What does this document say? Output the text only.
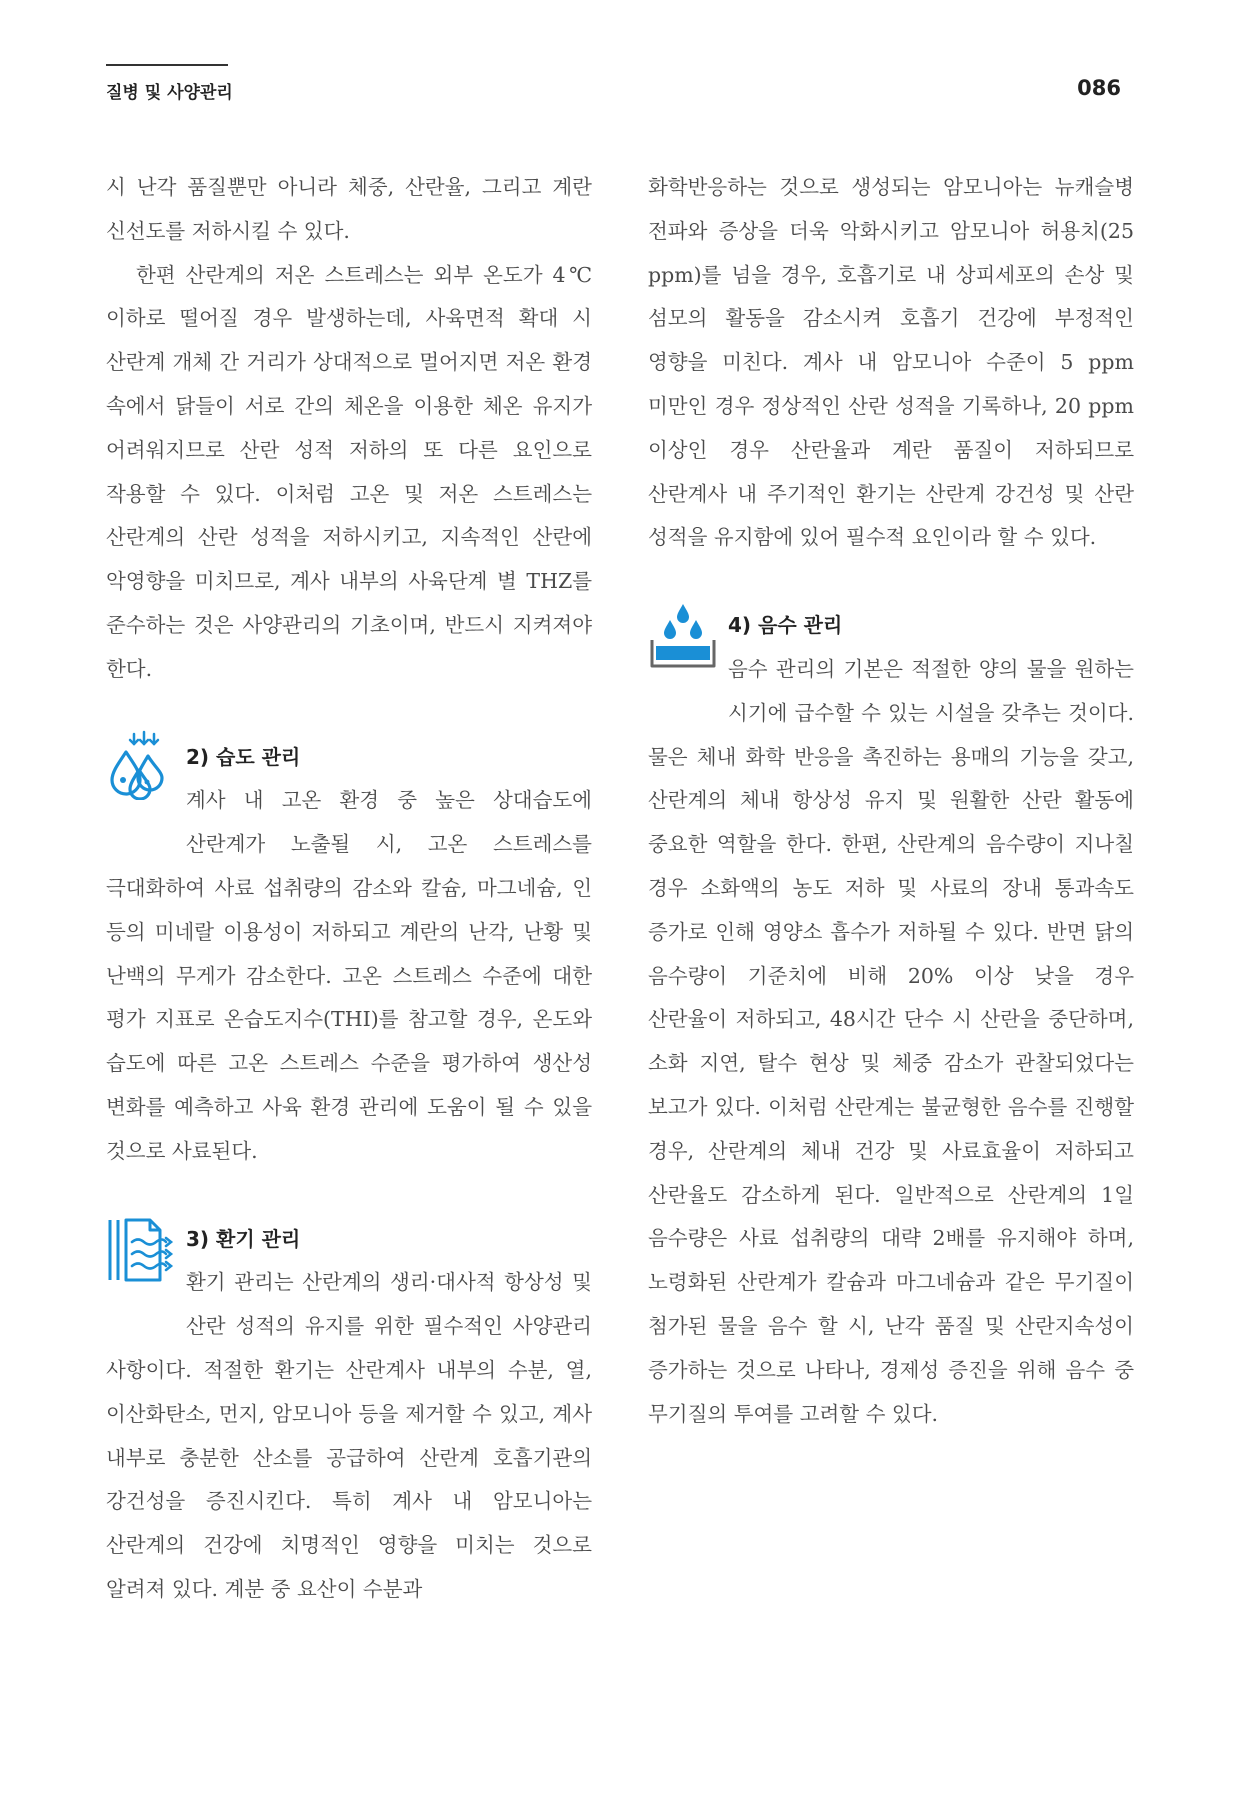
질병 및 사양관리	086

시 난각 품질뿐만 아니라 체중, 산란율, 그리고 계란 신선도를 저하시킬 수 있다.

한편 산란계의 저온 스트레스는 외부 온도가 4℃ 이하로 떨어질 경우 발생하는데, 사육면적 확대 시 산란계 개체 간 거리가 상대적으로 멀어지면 저온 환경 속에서 닭들이 서로 간의 체온을 이용한 체온 유지가 어려워지므로 산란 성적 저하의 또 다른 요인으로 작용할 수 있다. 이처럼 고온 및 저온 스트레스는 산란계의 산란 성적을 저하시키고, 지속적인 산란에 악영향을 미치므로, 계사 내부의 사육단계 별 THZ를 준수하는 것은 사양관리의 기초이며, 반드시 지켜져야 한다.

2) 습도 관리

계사 내 고온 환경 중 높은 상대습도에 산란계가 노출될 시, 고온 스트레스를 극대화하여 사료 섭취량의 감소와 칼슘, 마그네슘, 인 등의 미네랄 이용성이 저하되고 계란의 난각, 난황 및 난백의 무게가 감소한다. 고온 스트레스 수준에 대한 평가 지표로 온습도지수(THI)를 참고할 경우, 온도와 습도에 따른 고온 스트레스 수준을 평가하여 생산성 변화를 예측하고 사육 환경 관리에 도움이 될 수 있을 것으로 사료된다.

3) 환기 관리

환기 관리는 산란계의 생리·대사적 항상성 및 산란 성적의 유지를 위한 필수적인 사양관리 사항이다. 적절한 환기는 산란계사 내부의 수분, 열, 이산화탄소, 먼지, 암모니아 등을 제거할 수 있고, 계사 내부로 충분한 산소를 공급하여 산란계 호흡기관의 강건성을 증진시킨다. 특히 계사 내 암모니아는 산란계의 건강에 치명적인 영향을 미치는 것으로 알려져 있다. 계분 중 요산이 수분과

화학반응하는 것으로 생성되는 암모니아는 뉴캐슬병 전파와 증상을 더욱 악화시키고 암모니아 허용치(25 ppm)를 넘을 경우, 호흡기로 내 상피세포의 손상 및 섬모의 활동을 감소시켜 호흡기 건강에 부정적인 영향을 미친다. 계사 내 암모니아 수준이 5 ppm 미만인 경우 정상적인 산란 성적을 기록하나, 20 ppm 이상인 경우 산란율과 계란 품질이 저하되므로 산란계사 내 주기적인 환기는 산란계 강건성 및 산란 성적을 유지함에 있어 필수적 요인이라 할 수 있다.

4) 음수 관리

음수 관리의 기본은 적절한 양의 물을 원하는 시기에 급수할 수 있는 시설을 갖추는 것이다. 물은 체내 화학 반응을 촉진하는 용매의 기능을 갖고, 산란계의 체내 항상성 유지 및 원활한 산란 활동에 중요한 역할을 한다. 한편, 산란계의 음수량이 지나칠 경우 소화액의 농도 저하 및 사료의 장내 통과속도 증가로 인해 영양소 흡수가 저하될 수 있다. 반면 닭의 음수량이 기준치에 비해 20% 이상 낮을 경우 산란율이 저하되고, 48시간 단수 시 산란을 중단하며, 소화 지연, 탈수 현상 및 체중 감소가 관찰되었다는 보고가 있다. 이처럼 산란계는 불균형한 음수를 진행할 경우, 산란계의 체내 건강 및 사료효율이 저하되고 산란율도 감소하게 된다. 일반적으로 산란계의 1일 음수량은 사료 섭취량의 대략 2배를 유지해야 하며, 노령화된 산란계가 칼슘과 마그네슘과 같은 무기질이 첨가된 물을 음수 할 시, 난각 품질 및 산란지속성이 증가하는 것으로 나타나, 경제성 증진을 위해 음수 중 무기질의 투여를 고려할 수 있다.
